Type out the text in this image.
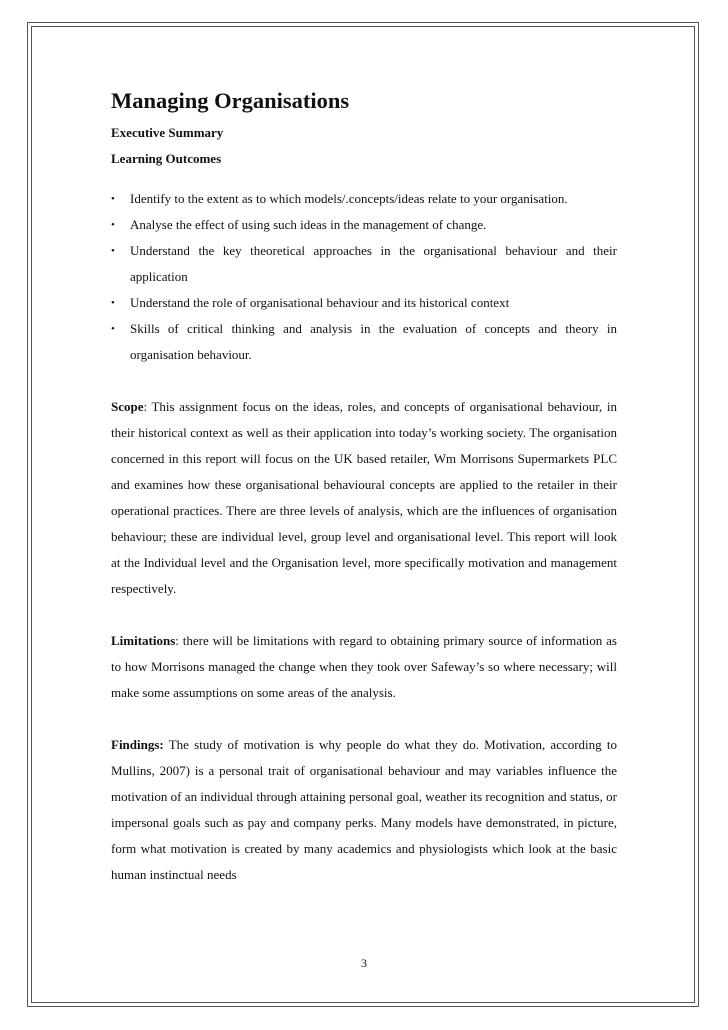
Managing Organisations
Executive Summary
Learning Outcomes
• Identify to the extent as to which models/.concepts/ideas relate to your organisation.
• Analyse the effect of using such ideas in the management of change.
• Understand the key theoretical approaches in the organisational behaviour and their application
• Understand the role of organisational behaviour and its historical context
• Skills of critical thinking and analysis in the evaluation of concepts and theory in organisation behaviour.

Scope: This assignment focus on the ideas, roles, and concepts of organisational behaviour, in their historical context as well as their application into today’s working society. The organisation concerned in this report will focus on the UK based retailer, Wm Morrisons Supermarkets PLC and examines how these organisational behavioural concepts are applied to the retailer in their operational practices. There are three levels of analysis, which are the influences of organisation behaviour; these are individual level, group level and organisational level. This report will look at the Individual level and the Organisation level, more specifically motivation and management respectively.

Limitations: there will be limitations with regard to obtaining primary source of information as to how Morrisons managed the change when they took over Safeway’s so where necessary; will make some assumptions on some areas of the analysis.

Findings: The study of motivation is why people do what they do. Motivation, according to Mullins, 2007) is a personal trait of organisational behaviour and may variables influence the motivation of an individual through attaining personal goal, weather its recognition and status, or impersonal goals such as pay and company perks. Many models have demonstrated, in picture, form what motivation is created by many academics and physiologists which look at the basic human instinctual needs

3
